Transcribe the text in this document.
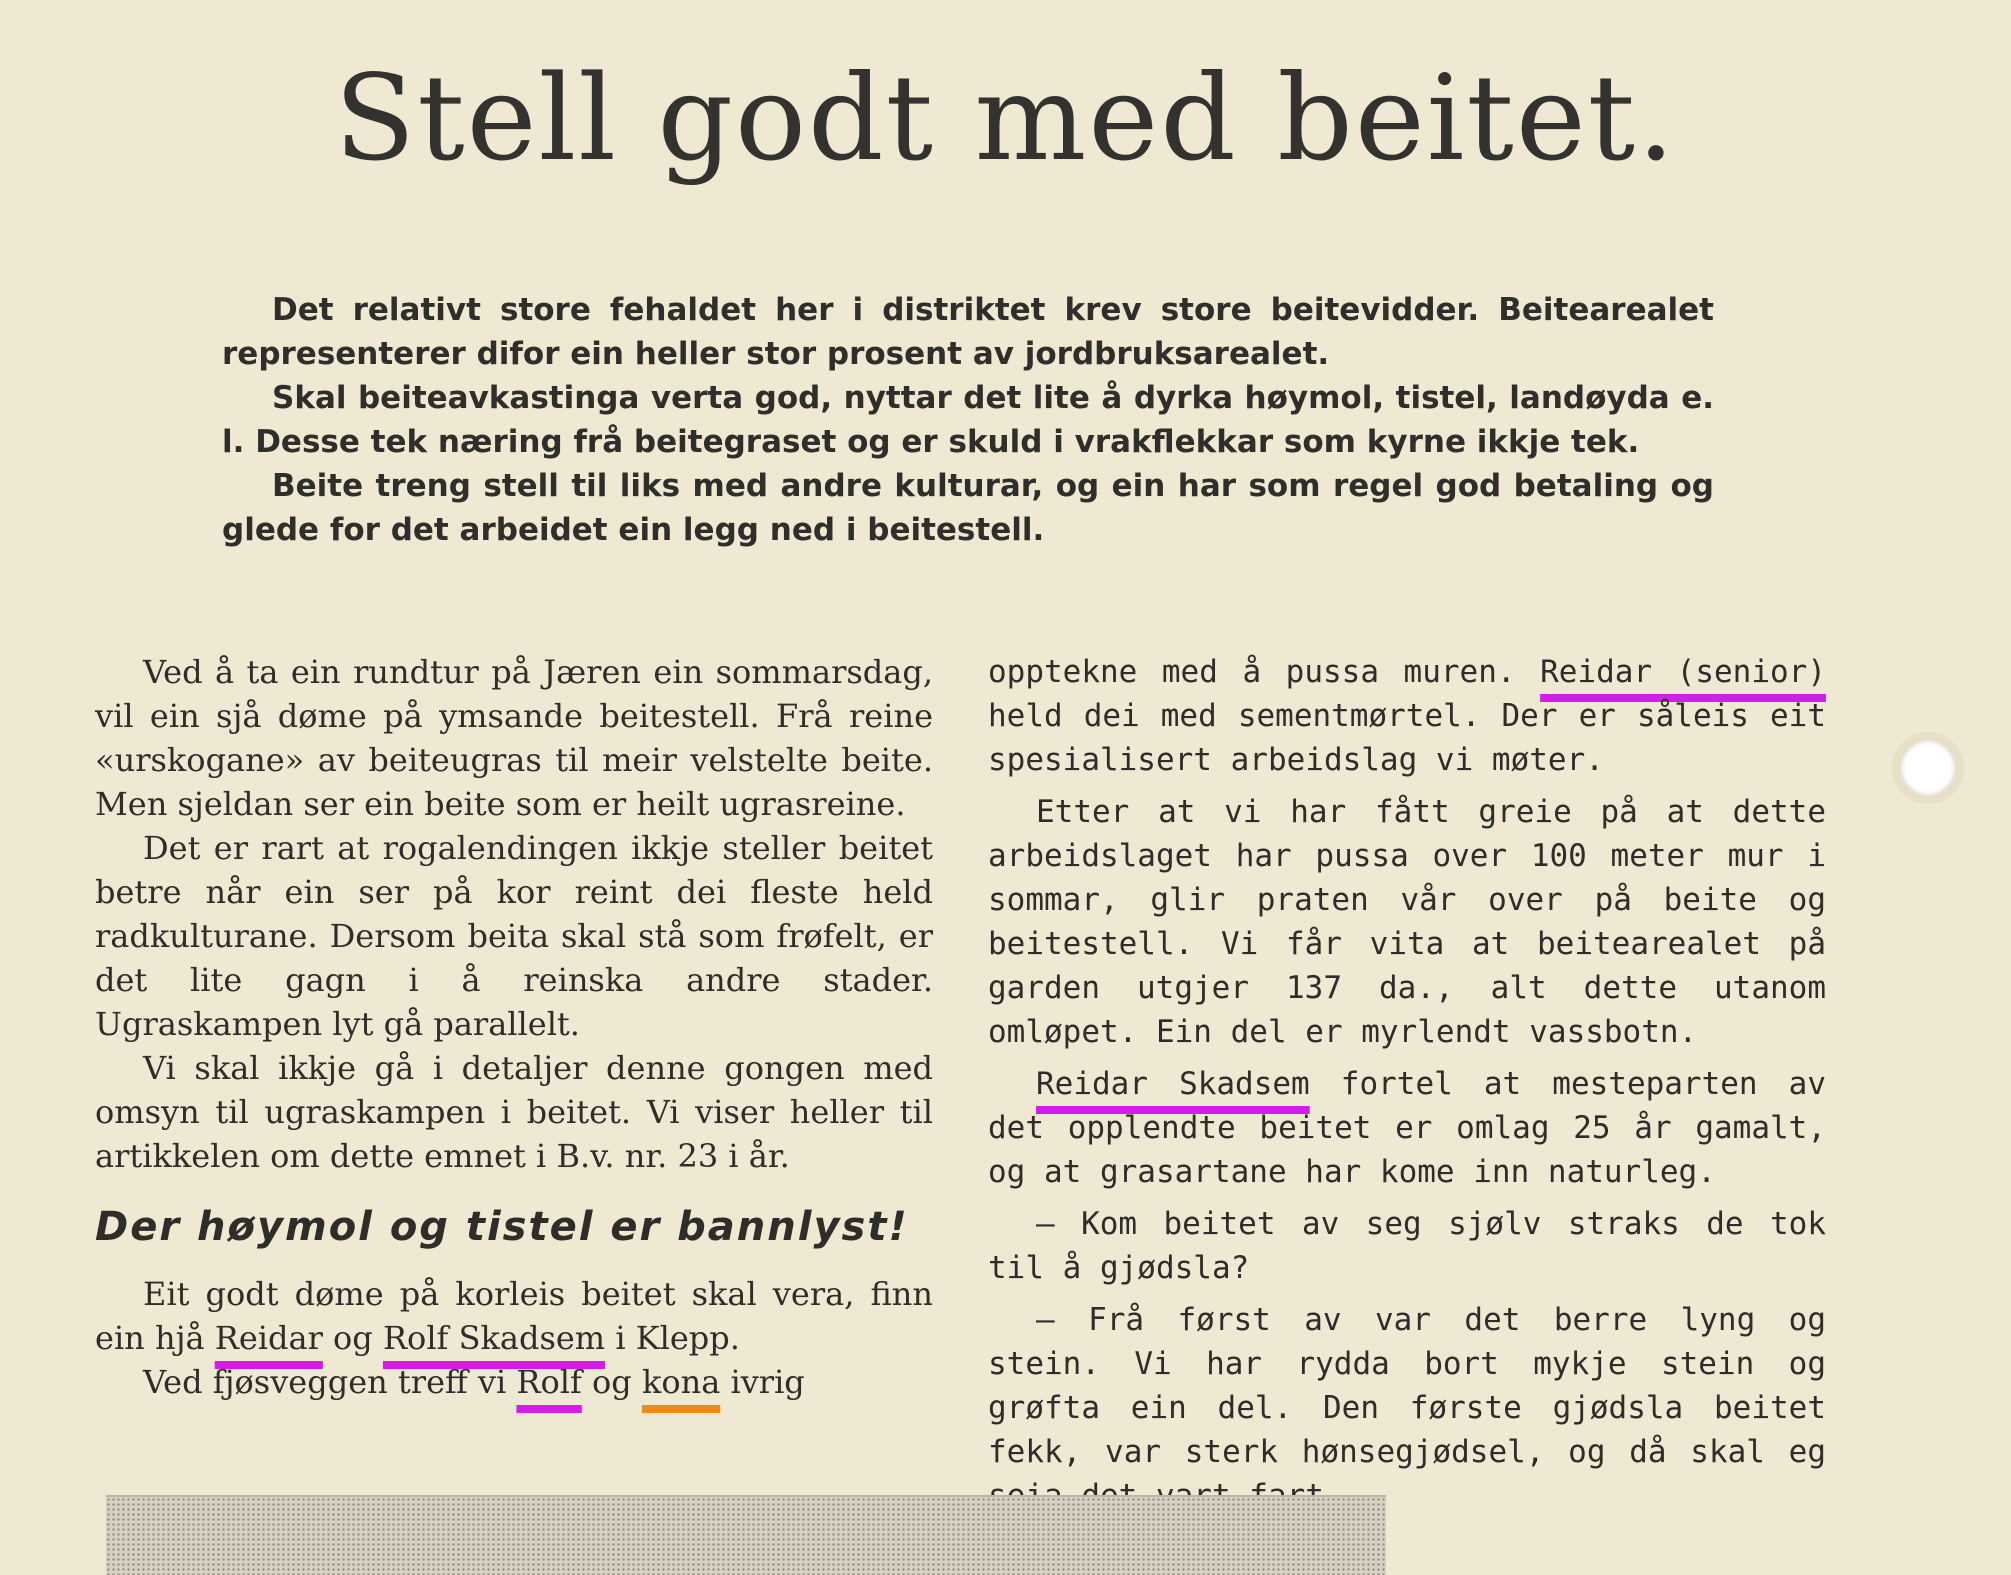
Stell godt med beitet.

Det relativt store fehaldet her i distriktet krev store beitevidder. Beitearealet representerer difor ein heller stor prosent av jordbruksarealet.

Skal beiteavkastinga verta god, nyttar det lite å dyrka høymol, tistel, landøyda e. l. Desse tek næring frå beitegraset og er skuld i vrakflekkar som kyrne ikkje tek.

Beite treng stell til liks med andre kulturar, og ein har som regel god betaling og glede for det arbeidet ein legg ned i beitestell.

Ved å ta ein rundtur på Jæren ein sommarsdag, vil ein sjå døme på ymsande beitestell. Frå reine «urskogane» av beiteugras til meir velstelte beite. Men sjeldan ser ein beite som er heilt ugrasreine.

Det er rart at rogalendingen ikkje steller beitet betre når ein ser på kor reint dei fleste held radkulturane. Dersom beita skal stå som frøfelt, er det lite gagn i å reinska andre stader. Ugraskampen lyt gå parallelt.

Vi skal ikkje gå i detaljer denne gongen med omsyn til ugraskampen i beitet. Vi viser heller til artikkelen om dette emnet i B.v. nr. 23 i år.

Der høymol og tistel er bannlyst!

Eit godt døme på korleis beitet skal vera, finn ein hjå Reidar og Rolf Skadsem i Klepp.

Ved fjøsveggen treff vi Rolf og kona ivrig

opptekne med å pussa muren. Reidar (senior) held dei med sementmørtel. Der er såleis eit spesialisert arbeidslag vi møter.

Etter at vi har fått greie på at dette arbeidslaget har pussa over 100 meter mur i sommar, glir praten vår over på beite og beitestell. Vi får vita at beitearealet på garden utgjer 137 da., alt dette utanom omløpet. Ein del er myrlendt vassbotn.

Reidar Skadsem fortel at mesteparten av det opplendte beitet er omlag 25 år gamalt, og at grasartane har kome inn naturleg.

— Kom beitet av seg sjølv straks de tok til å gjødsla?

— Frå først av var det berre lyng og stein. Vi har rydda bort mykje stein og grøfta ein del. Den første gjødsla beitet fekk, var sterk hønsegjødsel, og då skal eg
